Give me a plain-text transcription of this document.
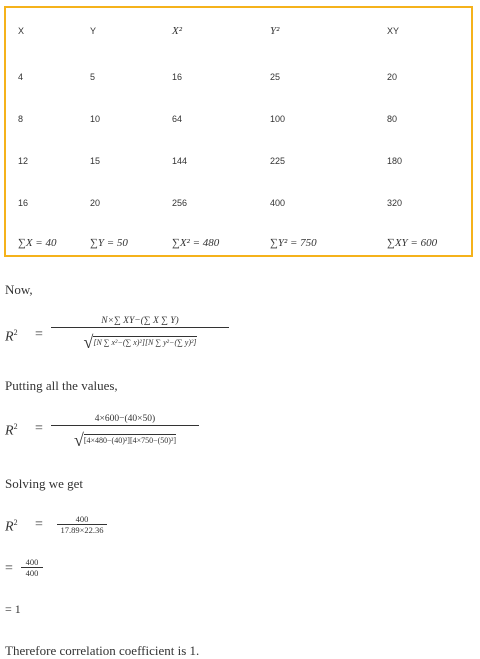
X	Y	X²	Y²	XY
4	5	16	25	20
8	10	64	100	80
12	15	144	225	180
16	20	256	400	320
∑X = 40	∑Y = 50	∑X² = 480	∑Y² = 750	∑XY = 600
Now,
$R^2$ =
N×∑ XY−(∑ X ∑ Y)
√[N ∑ x²−(∑ x)²][N ∑ y²−(∑ y)²]
Putting all the values,
$R^2$ =
4×600−(40×50)
√[4×480−(40)²][4×750−(50)²]
Solving we get
$R^2$ =	400
17.89×22.36
=	400
400
= 1
Therefore correlation coefficient is 1.
